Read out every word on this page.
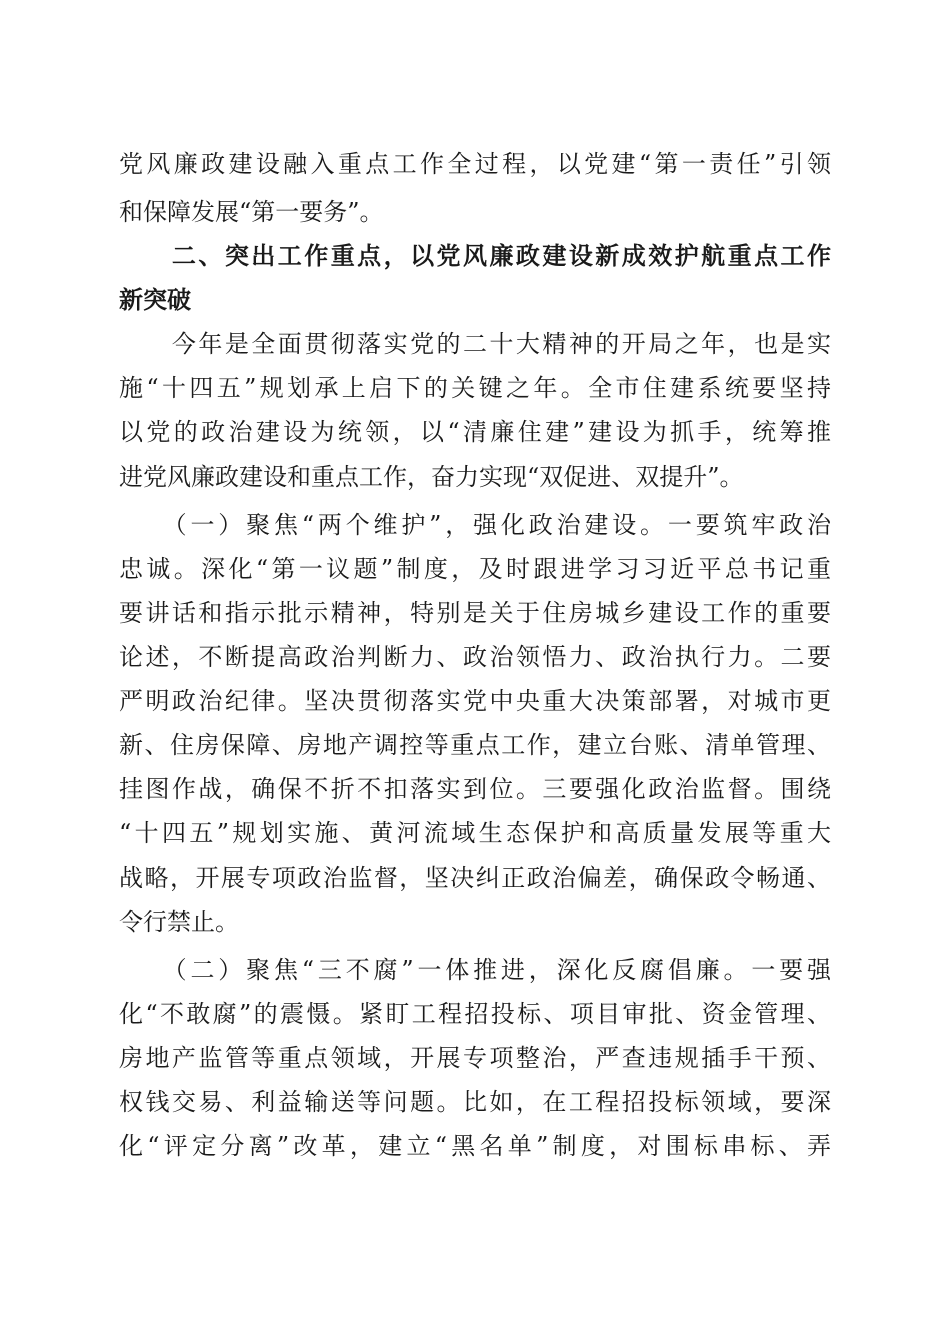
党风廉政建设融入重点工作全过程，以党建“第一责任”引领
和保障发展“第一要务”。
　　二、突出工作重点，以党风廉政建设新成效护航重点工作
新突破
　　今年是全面贯彻落实党的二十大精神的开局之年，也是实
施“十四五”规划承上启下的关键之年。全市住建系统要坚持
以党的政治建设为统领，以“清廉住建”建设为抓手，统筹推
进党风廉政建设和重点工作，奋力实现“双促进、双提升”。
　　（一）聚焦“两个维护”，强化政治建设。一要筑牢政治
忠诚。深化“第一议题”制度，及时跟进学习习近平总书记重
要讲话和指示批示精神，特别是关于住房城乡建设工作的重要
论述，不断提高政治判断力、政治领悟力、政治执行力。二要
严明政治纪律。坚决贯彻落实党中央重大决策部署，对城市更
新、住房保障、房地产调控等重点工作，建立台账、清单管理、
挂图作战，确保不折不扣落实到位。三要强化政治监督。围绕
“十四五”规划实施、黄河流域生态保护和高质量发展等重大
战略，开展专项政治监督，坚决纠正政治偏差，确保政令畅通、
令行禁止。
　　（二）聚焦“三不腐”一体推进，深化反腐倡廉。一要强
化“不敢腐”的震慑。紧盯工程招投标、项目审批、资金管理、
房地产监管等重点领域，开展专项整治，严查违规插手干预、
权钱交易、利益输送等问题。比如，在工程招投标领域，要深
化“评定分离”改革，建立“黑名单”制度，对围标串标、弄
